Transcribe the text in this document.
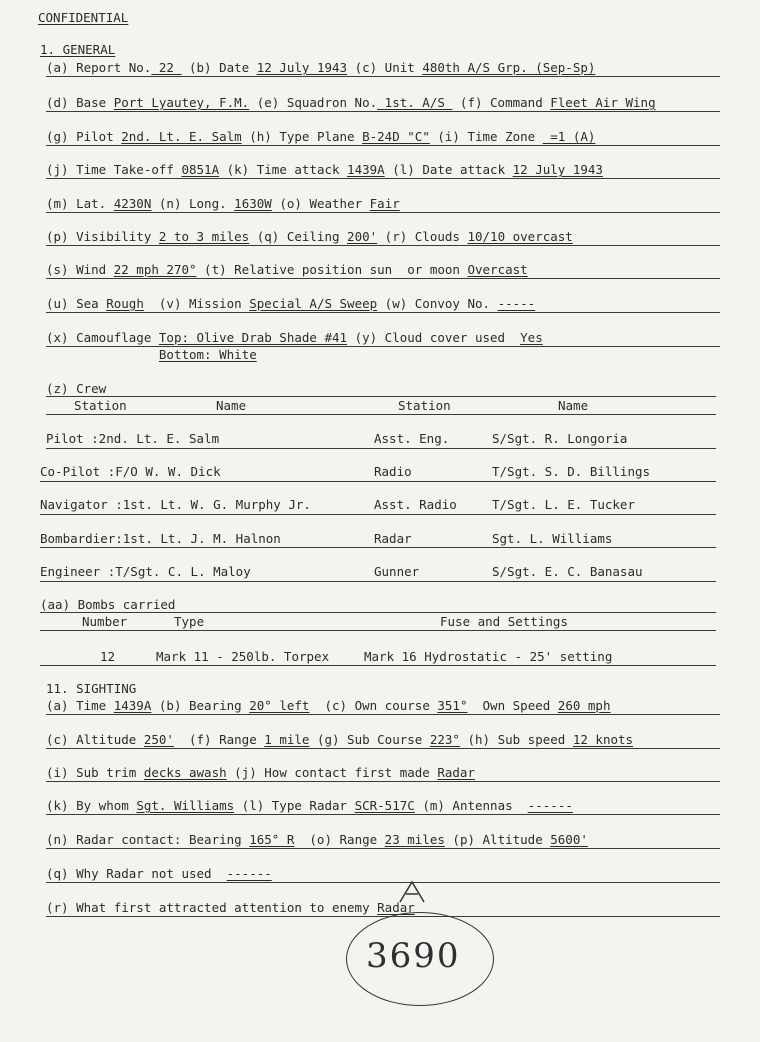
CONFIDENTIAL
1. GENERAL
(a) Report No. 22  (b) Date 12 July 1943 (c) Unit 480th A/S Grp. (Sep-Sp)
(d) Base Port Lyautey, F.M. (e) Squadron No. 1st. A/S  (f) Command Fleet Air Wing
(g) Pilot 2nd. Lt. E. Salm (h) Type Plane B-24D "C" (i) Time Zone  =1 (A)
(j) Time Take-off 0851A (k) Time attack 1439A (l) Date attack 12 July 1943
(m) Lat. 4230N (n) Long. 1630W (o) Weather Fair
(p) Visibility 2 to 3 miles (q) Ceiling 200' (r) Clouds 10/10 overcast
(s) Wind 22 mph 270° (t) Relative position sun  or moon Overcast
(u) Sea Rough  (v) Mission Special A/S Sweep (w) Convoy No. -----
(x) Camouflage Top: Olive Drab Shade #41 (y) Cloud cover used  Yes
Bottom: White
(z) Crew
Station	Name	Station	Name
Pilot :2nd. Lt. E. Salm	Asst. Eng.	S/Sgt. R. Longoria
Co-Pilot :F/O W. W. Dick	Radio	T/Sgt. S. D. Billings
Navigator :1st. Lt. W. G. Murphy Jr.	Asst. Radio	T/Sgt. L. E. Tucker
Bombardier:1st. Lt. J. M. Halnon	Radar	Sgt. L. Williams
Engineer :T/Sgt. C. L. Maloy	Gunner	S/Sgt. E. C. Banasau
(aa) Bombs carried
Number	Type	Fuse and Settings
12	Mark 11 - 250lb. Torpex	Mark 16 Hydrostatic - 25' setting
11. SIGHTING
(a) Time 1439A (b) Bearing 20° left  (c) Own course 351°  Own Speed 260 mph
(c) Altitude 250'  (f) Range 1 mile (g) Sub Course 223° (h) Sub speed 12 knots
(i) Sub trim decks awash (j) How contact first made Radar
(k) By whom Sgt. Williams (l) Type Radar SCR-517C (m) Antennas  ------
(n) Radar contact: Bearing 165° R  (o) Range 23 miles (p) Altitude 5600'
(q) Why Radar not used  ------
(r) What first attracted attention to enemy Radar
3690
